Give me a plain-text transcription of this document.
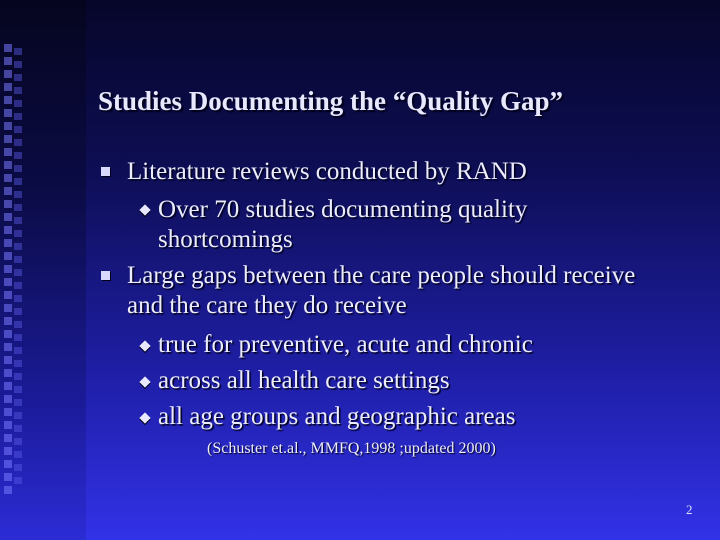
Studies Documenting the “Quality Gap”
Literature reviews conducted by RAND
Over 70 studies documenting quality
shortcomings
Large gaps between the care people should receive
and the care they do receive
true for preventive, acute and chronic
across all health care settings
all age groups and geographic areas
(Schuster et.al., MMFQ,1998 ;updated 2000)
2
